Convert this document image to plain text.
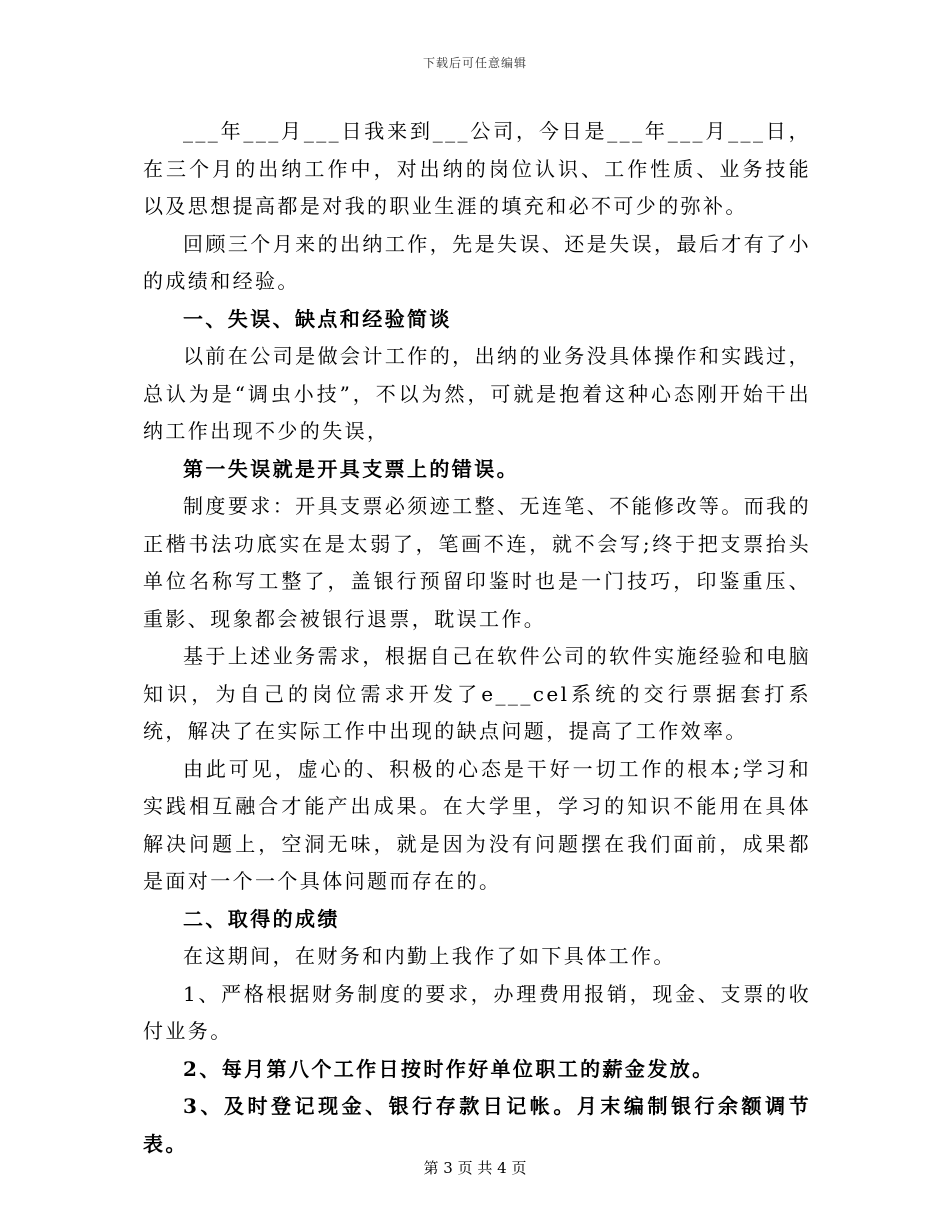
下载后可任意编辑

___年___月___日我来到___公司，今日是___年___月___日，在三个月的出纳工作中，对出纳的岗位认识、工作性质、业务技能以及思想提高都是对我的职业生涯的填充和必不可少的弥补。

回顾三个月来的出纳工作，先是失误、还是失误，最后才有了小的成绩和经验。

一、失误、缺点和经验简谈

以前在公司是做会计工作的，出纳的业务没具体操作和实践过，总认为是“调虫小技”，不以为然，可就是抱着这种心态刚开始干出纳工作出现不少的失误，

第一失误就是开具支票上的错误。

制度要求：开具支票必须迹工整、无连笔、不能修改等。而我的正楷书法功底实在是太弱了，笔画不连，就不会写;终于把支票抬头单位名称写工整了，盖银行预留印鉴时也是一门技巧，印鉴重压、重影、现象都会被银行退票，耽误工作。

基于上述业务需求，根据自己在软件公司的软件实施经验和电脑知识，为自己的岗位需求开发了e___cel系统的交行票据套打系统，解决了在实际工作中出现的缺点问题，提高了工作效率。

由此可见，虚心的、积极的心态是干好一切工作的根本;学习和实践相互融合才能产出成果。在大学里，学习的知识不能用在具体解决问题上，空洞无味，就是因为没有问题摆在我们面前，成果都是面对一个一个具体问题而存在的。

二、取得的成绩

在这期间，在财务和内勤上我作了如下具体工作。

1、严格根据财务制度的要求，办理费用报销，现金、支票的收付业务。

2、每月第八个工作日按时作好单位职工的薪金发放。

3、及时登记现金、银行存款日记帐。月末编制银行余额调节表。

第 3 页 共 4 页
